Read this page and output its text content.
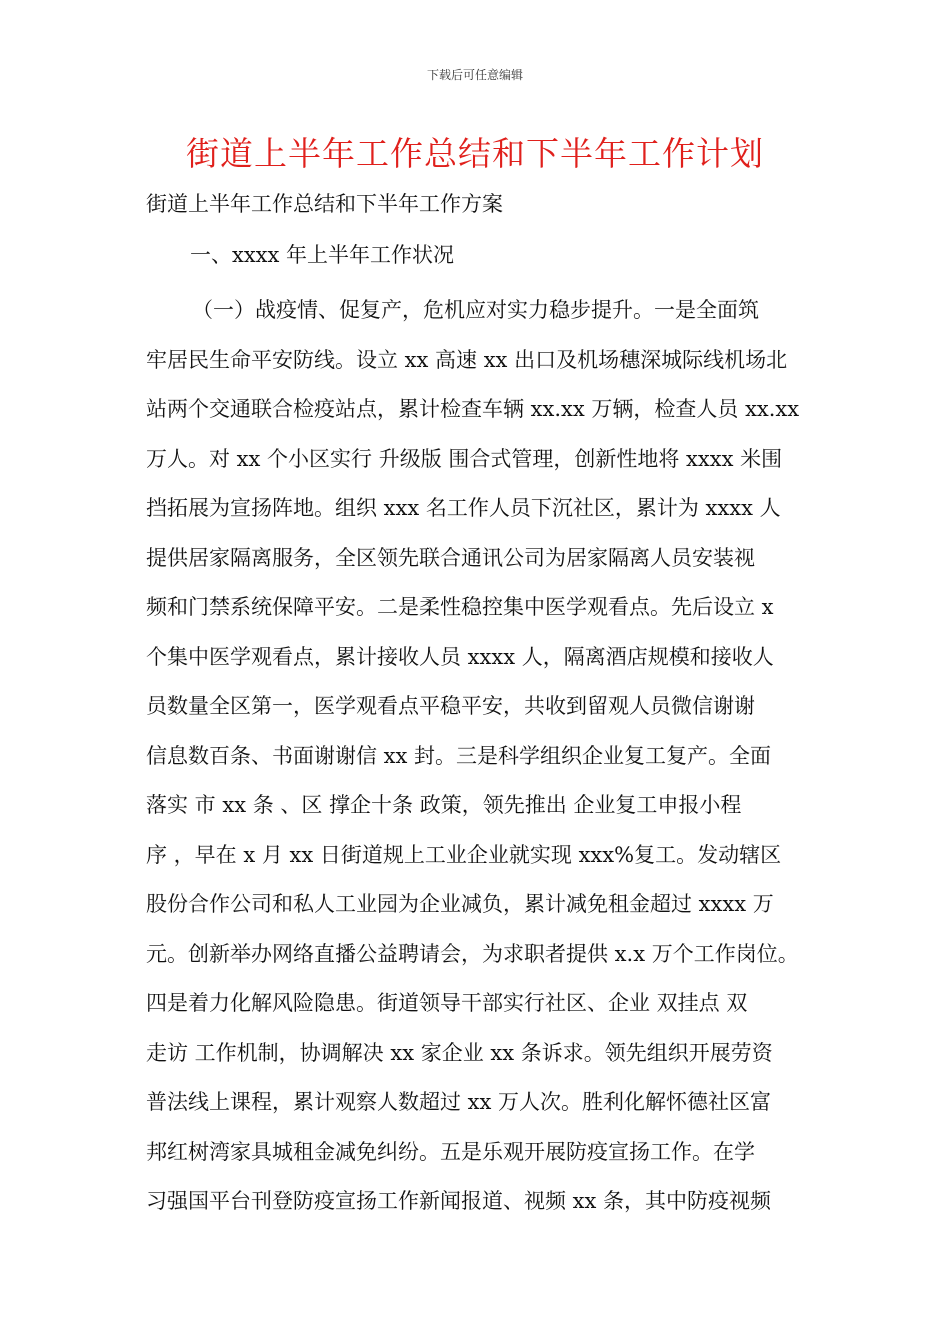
下载后可任意编辑
街道上半年工作总结和下半年工作计划
街道上半年工作总结和下半年工作方案
一、xxxx 年上半年工作状况
（一）战疫情、促复产，危机应对实力稳步提升。一是全面筑
牢居民生命平安防线。设立 xx 高速 xx 出口及机场穗深城际线机场北
站两个交通联合检疫站点，累计检查车辆 xx.xx 万辆，检查人员 xx.xx
万人。对 xx 个小区实行 升级版 围合式管理，创新性地将 xxxx 米围
挡拓展为宣扬阵地。组织 xxx 名工作人员下沉社区，累计为 xxxx 人
提供居家隔离服务，全区领先联合通讯公司为居家隔离人员安装视
频和门禁系统保障平安。二是柔性稳控集中医学观看点。先后设立 x
个集中医学观看点，累计接收人员 xxxx 人，隔离酒店规模和接收人
员数量全区第一，医学观看点平稳平安，共收到留观人员微信谢谢
信息数百条、书面谢谢信 xx 封。三是科学组织企业复工复产。全面
落实 市 xx 条 、区 撑企十条 政策，领先推出 企业复工申报小程
序 ，早在 x 月 xx 日街道规上工业企业就实现 xxx%复工。发动辖区
股份合作公司和私人工业园为企业减负，累计减免租金超过 xxxx 万
元。创新举办网络直播公益聘请会，为求职者提供 x.x 万个工作岗位。
四是着力化解风险隐患。街道领导干部实行社区、企业 双挂点 双
走访 工作机制，协调解决 xx 家企业 xx 条诉求。领先组织开展劳资
普法线上课程，累计观察人数超过 xx 万人次。胜利化解怀德社区富
邦红树湾家具城租金减免纠纷。五是乐观开展防疫宣扬工作。在学
习强国平台刊登防疫宣扬工作新闻报道、视频 xx 条，其中防疫视频
